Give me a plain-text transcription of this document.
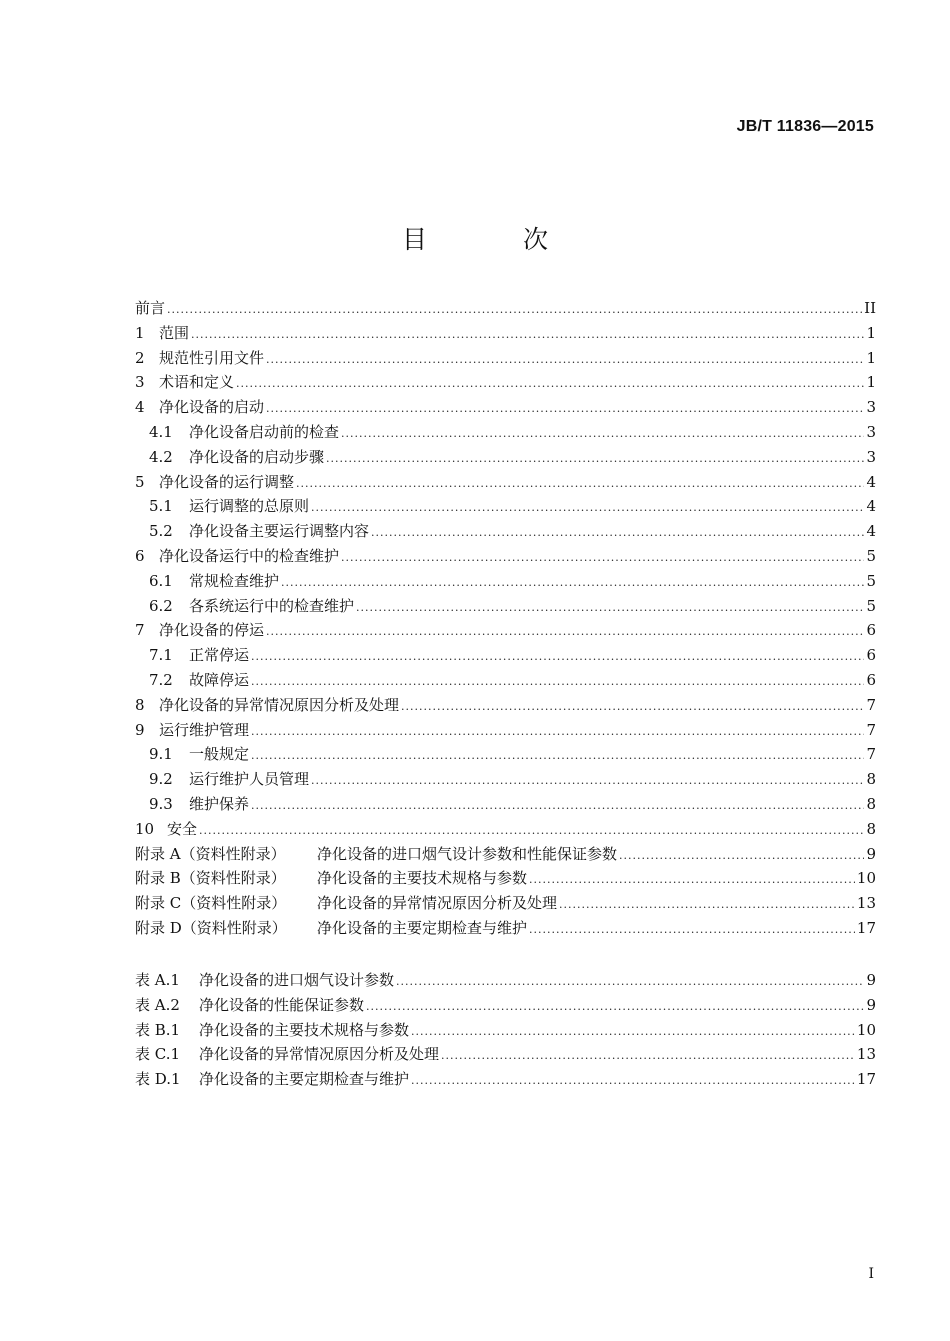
JB/T 11836—2015
目 次
前言 .....	II
1 范围 .....	1
2 规范性引用文件 .....	1
3 术语和定义 .....	1
4 净化设备的启动 .....	3
4.1	净化设备启动前的检查 .....	3
4.2	净化设备的启动步骤 .....	3
5 净化设备的运行调整 .....	4
5.1	运行调整的总原则 .....	4
5.2	净化设备主要运行调整内容 .....	4
6 净化设备运行中的检查维护 .....	5
6.1	常规检查维护 .....	5
6.2	各系统运行中的检查维护 .....	5
7 净化设备的停运 .....	6
7.1	正常停运 .....	6
7.2	故障停运 .....	6
8 净化设备的异常情况原因分析及处理 .....	7
9 运行维护管理 .....	7
9.1	一般规定 .....	7
9.2	运行维护人员管理 .....	8
9.3	维护保养 .....	8
10 安全 .....	8
附录 A（资料性附录）	净化设备的进口烟气设计参数和性能保证参数 .....	9
附录 B（资料性附录）	净化设备的主要技术规格与参数 .....	10
附录 C（资料性附录）	净化设备的异常情况原因分析及处理 .....	13
附录 D（资料性附录）	净化设备的主要定期检查与维护 .....	17
表 A.1	净化设备的进口烟气设计参数 .....	9
表 A.2	净化设备的性能保证参数 .....	9
表 B.1	净化设备的主要技术规格与参数 .....	10
表 C.1	净化设备的异常情况原因分析及处理 .....	13
表 D.1	净化设备的主要定期检查与维护 .....	17
I
